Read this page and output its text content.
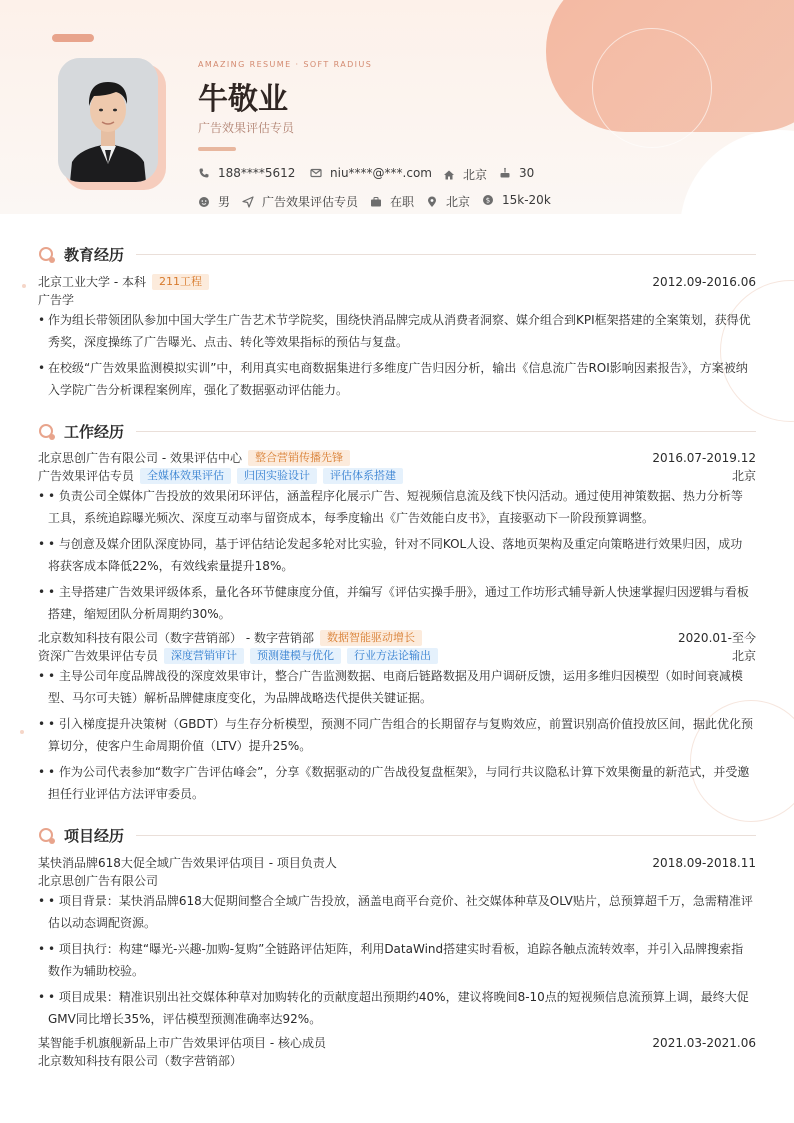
AMAZING RESUME · SOFT RADIUS
牛敬业
广告效果评估专员
188****5612	niu****@***.com	北京	30
男	广告效果评估专员	在职	北京 $ 15k-20k
教育经历
北京工业大学 - 本科 211工程	2012.09-2016.06
广告学
• 作为组长带领团队参加中国大学生广告艺术节学院奖，围绕快消品牌完成从消费者洞察、媒介组合到KPI框架搭建的全案策划，获得优秀奖，深度操练了广告曝光、点击、转化等效果指标的预估与复盘。
• 在校级“广告效果监测模拟实训”中，利用真实电商数据集进行多维度广告归因分析，输出《信息流广告ROI影响因素报告》，方案被纳入学院广告分析课程案例库，强化了数据驱动评估能力。
工作经历
北京思创广告有限公司 - 效果评估中心 整合营销传播先锋	2016.07-2019.12
广告效果评估专员 全媒体效果评估 归因实验设计 评估体系搭建	北京
• • 负责公司全媒体广告投放的效果闭环评估，涵盖程序化展示广告、短视频信息流及线下快闪活动。通过使用神策数据、热力分析等工具，系统追踪曝光频次、深度互动率与留资成本，每季度输出《广告效能白皮书》，直接驱动下一阶段预算调整。
• • 与创意及媒介团队深度协同，基于评估结论发起多轮对比实验，针对不同KOL人设、落地页架构及重定向策略进行效果归因，成功将获客成本降低22%，有效线索量提升18%。
• • 主导搭建广告效果评级体系，量化各环节健康度分值，并编写《评估实操手册》，通过工作坊形式辅导新人快速掌握归因逻辑与看板搭建，缩短团队分析周期约30%。
北京数知科技有限公司（数字营销部） - 数字营销部 数据智能驱动增长	2020.01-至今
资深广告效果评估专员 深度营销审计 预测建模与优化 行业方法论输出	北京
• • 主导公司年度品牌战役的深度效果审计，整合广告监测数据、电商后链路数据及用户调研反馈，运用多维归因模型（如时间衰减模型、马尔可夫链）解析品牌健康度变化，为品牌战略迭代提供关键证据。
• • 引入梯度提升决策树（GBDT）与生存分析模型，预测不同广告组合的长期留存与复购效应，前置识别高价值投放区间，据此优化预算切分，使客户生命周期价值（LTV）提升25%。
• • 作为公司代表参加“数字广告评估峰会”，分享《数据驱动的广告战役复盘框架》，与同行共议隐私计算下效果衡量的新范式，并受邀担任行业评估方法评审委员。
项目经历
某快消品牌618大促全域广告效果评估项目 - 项目负责人	2018.09-2018.11
北京思创广告有限公司
• • 项目背景：某快消品牌618大促期间整合全域广告投放，涵盖电商平台竞价、社交媒体种草及OLV贴片，总预算超千万，急需精准评估以动态调配资源。
• • 项目执行：构建“曝光-兴趣-加购-复购”全链路评估矩阵，利用DataWind搭建实时看板，追踪各触点流转效率，并引入品牌搜索指数作为辅助校验。
• • 项目成果：精准识别出社交媒体种草对加购转化的贡献度超出预期约40%，建议将晚间8-10点的短视频信息流预算上调，最终大促GMV同比增长35%，评估模型预测准确率达92%。
某智能手机旗舰新品上市广告效果评估项目 - 核心成员	2021.03-2021.06
北京数知科技有限公司（数字营销部）
